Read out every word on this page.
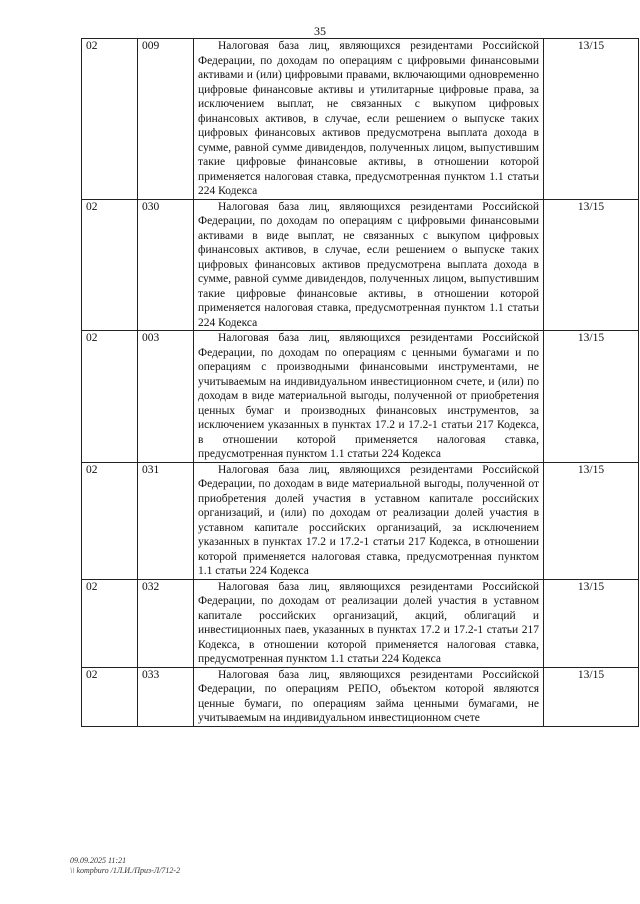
35
02	009	Налоговая база лиц, являющихся резидентами Российской Федерации, по доходам по операциям с цифровыми финансовыми активами и (или) цифровыми правами, включающими одновременно цифровые финансовые активы и утилитарные цифровые права, за исключением выплат, не связанных с выкупом цифровых финансовых активов, в случае, если решением о выпуске таких цифровых финансовых активов предусмотрена выплата дохода в сумме, равной сумме дивидендов, полученных лицом, выпустившим такие цифровые финансовые активы, в отношении которой применяется налоговая ставка, предусмотренная пунктом 1.1 статьи 224 Кодекса	13/15
02	030	Налоговая база лиц, являющихся резидентами Российской Федерации, по доходам по операциям с цифровыми финансовыми активами в виде выплат, не связанных с выкупом цифровых финансовых активов, в случае, если решением о выпуске таких цифровых финансовых активов предусмотрена выплата дохода в сумме, равной сумме дивидендов, полученных лицом, выпустившим такие цифровые финансовые активы, в отношении которой применяется налоговая ставка, предусмотренная пунктом 1.1 статьи 224 Кодекса	13/15
02	003	Налоговая база лиц, являющихся резидентами Российской Федерации, по доходам по операциям с ценными бумагами и по операциям с производными финансовыми инструментами, не учитываемым на индивидуальном инвестиционном счете, и (или) по доходам в виде материальной выгоды, полученной от приобретения ценных бумаг и производных финансовых инструментов, за исключением указанных в пунктах 17.2 и 17.2-1 статьи 217 Кодекса, в отношении которой применяется налоговая ставка, предусмотренная пунктом 1.1 статьи 224 Кодекса	13/15
02	031	Налоговая база лиц, являющихся резидентами Российской Федерации, по доходам в виде материальной выгоды, полученной от приобретения долей участия в уставном капитале российских организаций, и (или) по доходам от реализации долей участия в уставном капитале российских организаций, за исключением указанных в пунктах 17.2 и 17.2-1 статьи 217 Кодекса, в отношении которой применяется налоговая ставка, предусмотренная пунктом 1.1 статьи 224 Кодекса	13/15
02	032	Налоговая база лиц, являющихся резидентами Российской Федерации, по доходам от реализации долей участия в уставном капитале российских организаций, акций, облигаций и инвестиционных паев, указанных в пунктах 17.2 и 17.2-1 статьи 217 Кодекса, в отношении которой применяется налоговая ставка, предусмотренная пунктом 1.1 статьи 224 Кодекса	13/15
02	033	Налоговая база лиц, являющихся резидентами Российской Федерации, по операциям РЕПО, объектом которой являются ценные бумаги, по операциям займа ценными бумагами, не учитываемым на индивидуальном инвестиционном счете	13/15
09.09.2025 11:21
\\ kompburo /1Л.И./Приз-Л/712-2
